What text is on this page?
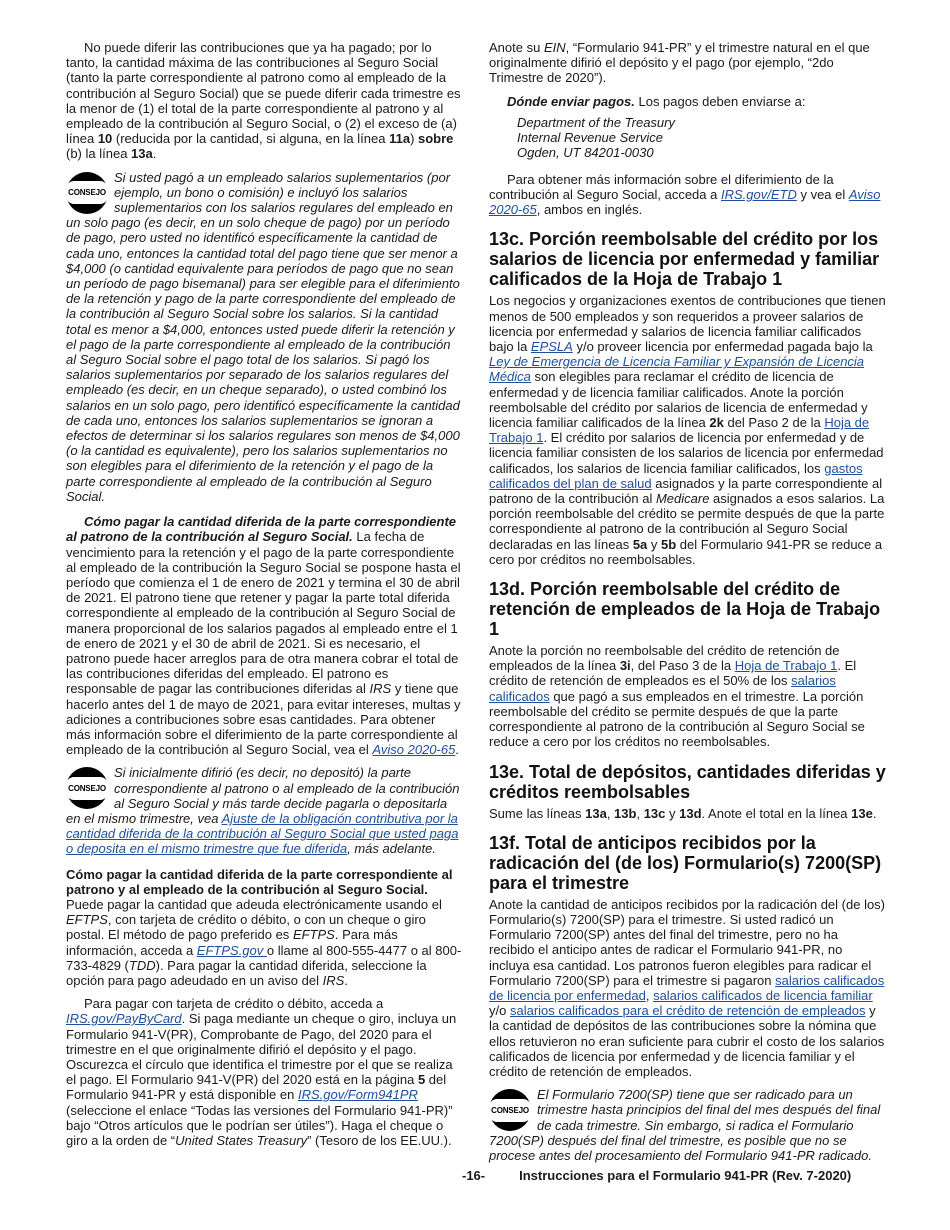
No puede diferir las contribuciones que ya ha pagado; por lo tanto, la cantidad máxima de las contribuciones al Seguro Social (tanto la parte correspondiente al patrono como al empleado de la contribución al Seguro Social) que se puede diferir cada trimestre es la menor de (1) el total de la parte correspondiente al patrono y al empleado de la contribución al Seguro Social, o (2) el exceso de (a) línea 10 (reducida por la cantidad, si alguna, en la línea 11a) sobre (b) la línea 13a.

CONSEJO
Si usted pagó a un empleado salarios suplementarios (por ejemplo, un bono o comisión) e incluyó los salarios suplementarios con los salarios regulares del empleado en un solo pago (es decir, en un solo cheque de pago) por un período de pago, pero usted no identificó específicamente la cantidad de cada uno, entonces la cantidad total del pago tiene que ser menor a $4,000 (o cantidad equivalente para períodos de pago que no sean un período de pago bisemanal) para ser elegible para el diferimiento de la retención y pago de la parte correspondiente del empleado de la contribución al Seguro Social sobre los salarios. Si la cantidad total es menor a $4,000, entonces usted puede diferir la retención y el pago de la parte correspondiente al empleado de la contribución al Seguro Social sobre el pago total de los salarios. Si pagó los salarios suplementarios por separado de los salarios regulares del empleado (es decir, en un cheque separado), o usted combinó los salarios en un solo pago, pero identificó específicamente la cantidad de cada uno, entonces los salarios suplementarios se ignoran a efectos de determinar si los salarios regulares son menos de $4,000 (o la cantidad es equivalente), pero los salarios suplementarios no son elegibles para el diferimiento de la retención y el pago de la parte correspondiente al empleado de la contribución al Seguro Social.

Cómo pagar la cantidad diferida de la parte correspondiente al patrono de la contribución al Seguro Social. La fecha de vencimiento para la retención y el pago de la parte correspondiente al empleado de la contribución la Seguro Social se pospone hasta el período que comienza el 1 de enero de 2021 y termina el 30 de abril de 2021. El patrono tiene que retener y pagar la parte total diferida correspondiente al empleado de la contribución al Seguro Social de manera proporcional de los salarios pagados al empleado entre el 1 de enero de 2021 y el 30 de abril de 2021. Si es necesario, el patrono puede hacer arreglos para de otra manera cobrar el total de las contribuciones diferidas del empleado. El patrono es responsable de pagar las contribuciones diferidas al IRS y tiene que hacerlo antes del 1 de mayo de 2021, para evitar intereses, multas y adiciones a contribuciones sobre esas cantidades. Para obtener más información sobre el diferimiento de la parte correspondiente al empleado de la contribución al Seguro Social, vea el Aviso 2020-65.

CONSEJO
Si inicialmente difirió (es decir, no depositó) la parte correspondiente al patrono o al empleado de la contribución al Seguro Social y más tarde decide pagarla o depositarla en el mismo trimestre, vea Ajuste de la obligación contributiva por la cantidad diferida de la contribución al Seguro Social que usted paga o deposita en el mismo trimestre que fue diferida, más adelante.

Cómo pagar la cantidad diferida de la parte correspondiente al patrono y al empleado de la contribución al Seguro Social. Puede pagar la cantidad que adeuda electrónicamente usando el EFTPS, con tarjeta de crédito o débito, o con un cheque o giro postal. El método de pago preferido es EFTPS. Para más información, acceda a EFTPS.gov o llame al 800-555-4477 o al 800-733-4829 (TDD). Para pagar la cantidad diferida, seleccione la opción para pago adeudado en un aviso del IRS.

Para pagar con tarjeta de crédito o débito, acceda a IRS.gov/PayByCard. Si paga mediante un cheque o giro, incluya un Formulario 941-V(PR), Comprobante de Pago, del 2020 para el trimestre en el que originalmente difirió el depósito y el pago. Oscurezca el círculo que identifica el trimestre por el que se realiza el pago. El Formulario 941-V(PR) del 2020 está en la página 5 del Formulario 941-PR y está disponible en IRS.gov/Form941PR (seleccione el enlace “Todas las versiones del Formulario 941-PR)” bajo “Otros artículos que le podrían ser útiles”). Haga el cheque o giro a la orden de “United States Treasury” (Tesoro de los EE.UU.).

Anote su EIN, “Formulario 941-PR” y el trimestre natural en el que originalmente difirió el depósito y el pago (por ejemplo, “2do Trimestre de 2020”).

Dónde enviar pagos. Los pagos deben enviarse a:

Department of the Treasury
Internal Revenue Service
Ogden, UT 84201-0030

Para obtener más información sobre el diferimiento de la contribución al Seguro Social, acceda a IRS.gov/ETD y vea el Aviso 2020-65, ambos en inglés.

13c. Porción reembolsable del crédito por los salarios de licencia por enfermedad y familiar calificados de la Hoja de Trabajo 1

Los negocios y organizaciones exentos de contribuciones que tienen menos de 500 empleados y son requeridos a proveer salarios de licencia por enfermedad y salarios de licencia familiar calificados bajo la EPSLA y/o proveer licencia por enfermedad pagada bajo la Ley de Emergencia de Licencia Familiar y Expansión de Licencia Médica son elegibles para reclamar el crédito de licencia de enfermedad y de licencia familiar calificados. Anote la porción reembolsable del crédito por salarios de licencia de enfermedad y licencia familiar calificados de la línea 2k del Paso 2 de la Hoja de Trabajo 1. El crédito por salarios de licencia por enfermedad y de licencia familiar consisten de los salarios de licencia por enfermedad calificados, los salarios de licencia familiar calificados, los gastos calificados del plan de salud asignados y la parte correspondiente al patrono de la contribución al Medicare asignados a esos salarios. La porción reembolsable del crédito se permite después de que la parte correspondiente al patrono de la contribución al Seguro Social declaradas en las líneas 5a y 5b del Formulario 941-PR se reduce a cero por créditos no reembolsables.

13d. Porción reembolsable del crédito de retención de empleados de la Hoja de Trabajo 1

Anote la porción no reembolsable del crédito de retención de empleados de la línea 3i, del Paso 3 de la Hoja de Trabajo 1. El crédito de retención de empleados es el 50% de los salarios calificados que pagó a sus empleados en el trimestre. La porción reembolsable del crédito se permite después de que la parte correspondiente al patrono de la contribución al Seguro Social se reduce a cero por los créditos no reembolsables.

13e. Total de depósitos, cantidades diferidas y créditos reembolsables

Sume las líneas 13a, 13b, 13c y 13d. Anote el total en la línea 13e.

13f. Total de anticipos recibidos por la radicación del (de los) Formulario(s) 7200(SP) para el trimestre

Anote la cantidad de anticipos recibidos por la radicación del (de los) Formulario(s) 7200(SP) para el trimestre. Si usted radicó un Formulario 7200(SP) antes del final del trimestre, pero no ha recibido el anticipo antes de radicar el Formulario 941-PR, no incluya esa cantidad. Los patronos fueron elegibles para radicar el Formulario 7200(SP) para el trimestre si pagaron salarios calificados de licencia por enfermedad, salarios calificados de licencia familiar y/o salarios calificados para el crédito de retención de empleados y la cantidad de depósitos de las contribuciones sobre la nómina que ellos retuvieron no eran suficiente para cubrir el costo de los salarios calificados de licencia por enfermedad y de licencia familiar y el crédito de retención de empleados.

CONSEJO
El Formulario 7200(SP) tiene que ser radicado para un trimestre hasta principios del final del mes después del final de cada trimestre. Sin embargo, si radica el Formulario 7200(SP) después del final del trimestre, es posible que no se procese antes del procesamiento del Formulario 941-PR radicado.
-16-	Instrucciones para el Formulario 941-PR (Rev. 7-2020)
